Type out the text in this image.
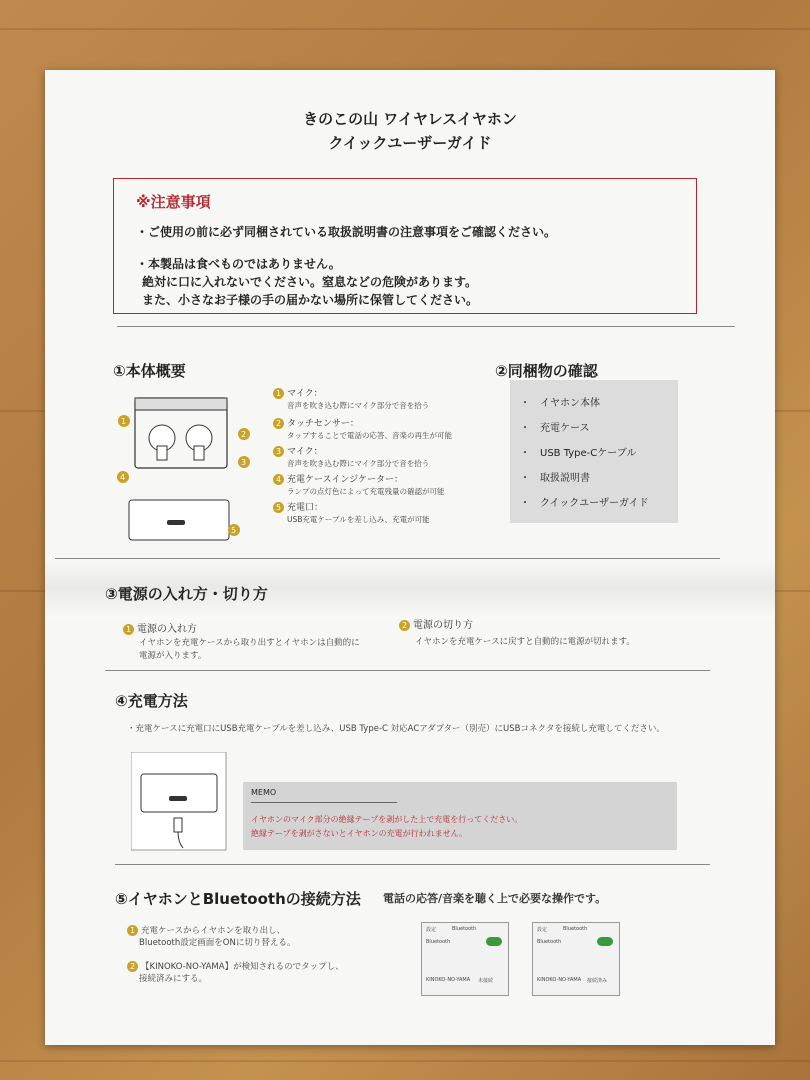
きのこの山 ワイヤレスイヤホン
クイックユーザーガイド
※注意事項
・ご使用の前に必ず同梱されている取扱説明書の注意事項をご確認ください。
・本製品は食べものではありません。
絶対に口に入れないでください。窒息などの危険があります。
また、小さなお子様の手の届かない場所に保管してください。
①本体概要
1
2
3
4
5
1 マイク：
音声を吹き込む際にマイク部分で音を拾う
2 タッチセンサー：
タップすることで電話の応答、音楽の再生が可能
3 マイク：
音声を吹き込む際にマイク部分で音を拾う
4 充電ケースインジケーター：
ランプの点灯色によって充電残量の確認が可能
5 充電口：
USB充電ケーブルを差し込み、充電が可能
②同梱物の確認
・　イヤホン本体
・　充電ケース
・　USB Type-Cケーブル
・　取扱説明書
・　クイックユーザーガイド
③電源の入れ方・切り方
1 電源の入れ方
イヤホンを充電ケースから取り出すとイヤホンは自動的に
電源が入ります。
2 電源の切り方
イヤホンを充電ケースに戻すと自動的に電源が切れます。
④充電方法
・充電ケースに充電口にUSB充電ケーブルを差し込み、USB Type-C 対応ACアダプター（別売）にUSBコネクタを接続し充電してください。
MEMO
イヤホンのマイク部分の絶縁テープを剥がした上で充電を行ってください。
絶縁テープを剥がさないとイヤホンの充電が行われません。
⑤イヤホンとBluetoothの接続方法 電話の応答/音楽を聴く上で必要な操作です。
1 充電ケースからイヤホンを取り出し、
Bluetooth設定画面をONに切り替える。
2 【KINOKO-NO-YAMA】が検知されるのでタップし、
接続済みにする。
設定	Bluetooth
Bluetooth
KINOKO-NO-YAMA 未接続
設定	Bluetooth
Bluetooth
KINOKO-NO-YAMA 接続済み
